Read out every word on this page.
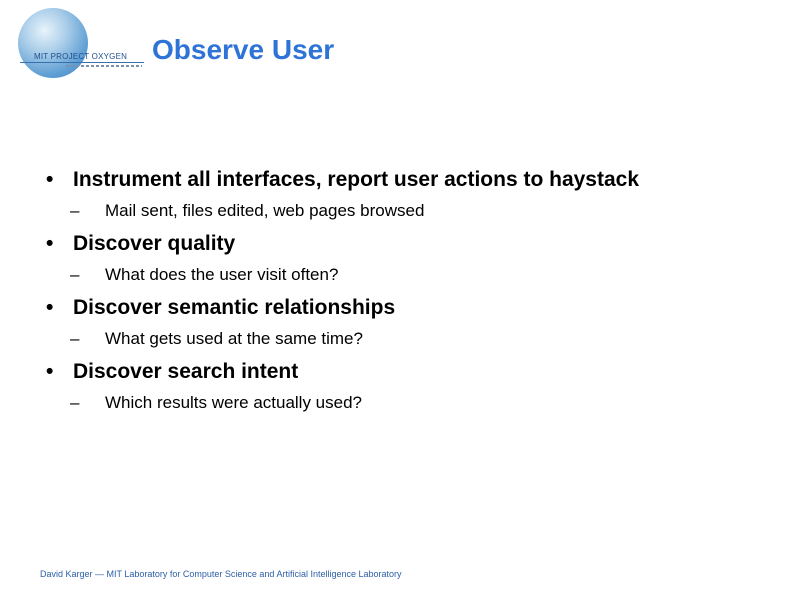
MIT PROJECT OXYGEN Observe User
• Instrument all interfaces, report user actions to haystack
– Mail sent, files edited, web pages browsed
• Discover quality
– What does the user visit often?
• Discover semantic relationships
– What gets used at the same time?
• Discover search intent
– Which results were actually used?
David Karger — MIT Laboratory for Computer Science and Artificial Intelligence Laboratory
